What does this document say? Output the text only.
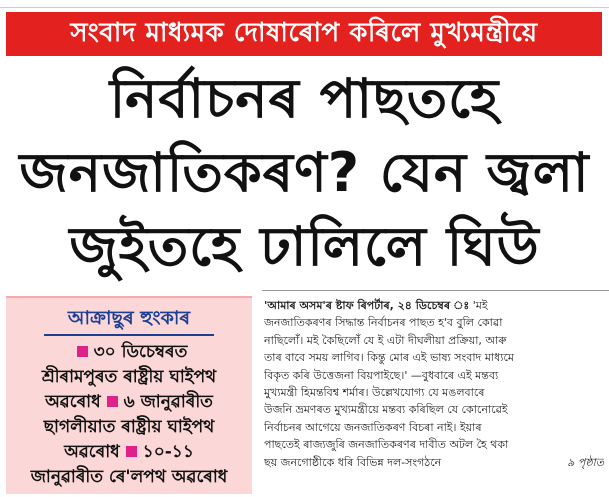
সংবাদ মাধ্যমক দোষাৰোপ কৰিলে মুখ্যমন্ত্ৰীয়ে
নিৰ্বাচনৰ পাছতহে
জনজাতিকৰণ? যেন জ্বলা
জুইতহে ঢালিলে ঘিউ
আক্ৰাছুৰ হুংকাৰ
৩০ ডিচেম্বৰত
শ্ৰীৰামপুৰত ৰাষ্ট্ৰীয় ঘাইপথ
অৱৰোধ ৬ জানুৱাৰীত
ছাগলীয়াত ৰাষ্ট্ৰীয় ঘাইপথ
অৱৰোধ ১০-১১
জানুৱাৰীত ৰে'লপথ অৱৰোধ

'আমাৰ অসম'ৰ ষ্টাফ ৰিপৰ্টাৰ, ২৪ ডিচেম্বৰ ঃ 'মই

জনজাতিকৰণৰ সিদ্ধান্ত নিৰ্বাচনৰ পাছত হ'ব বুলি কোৱা

নাছিলোঁ। মই কৈছিলোঁ যে ই এটা দীঘলীয়া প্ৰক্ৰিয়া, আৰু

তাৰ বাবে সময় লাগিব। কিন্তু মোৰ এই ভাষ্য সংবাদ মাধ্যমে

বিকৃত কৰি উত্তেজনা বিয়পাইছে।' —বুধবাৰে এই মন্তব্য

মুখ্যমন্ত্ৰী হিমন্তবিশ্ব শৰ্মাৰ। উল্লেখযোগ্য যে মঙলবাৰে

উজনি ভ্ৰমণৰত মুখ্যমন্ত্ৰীয়ে মন্তব্য কৰিছিল যে কোনোৱেই

নিৰ্বাচনৰ আগেয়ে জনজাতিকৰণ বিচৰা নাই। ইয়াৰ

পাছতেই ৰাজ্যজুৰি জনজাতিকৰণৰ দাবীত অটল হৈ থকা

ছয় জনগোষ্ঠীকে ধৰি বিভিন্ন দল-সংগঠনে	৯ পৃষ্ঠাত
